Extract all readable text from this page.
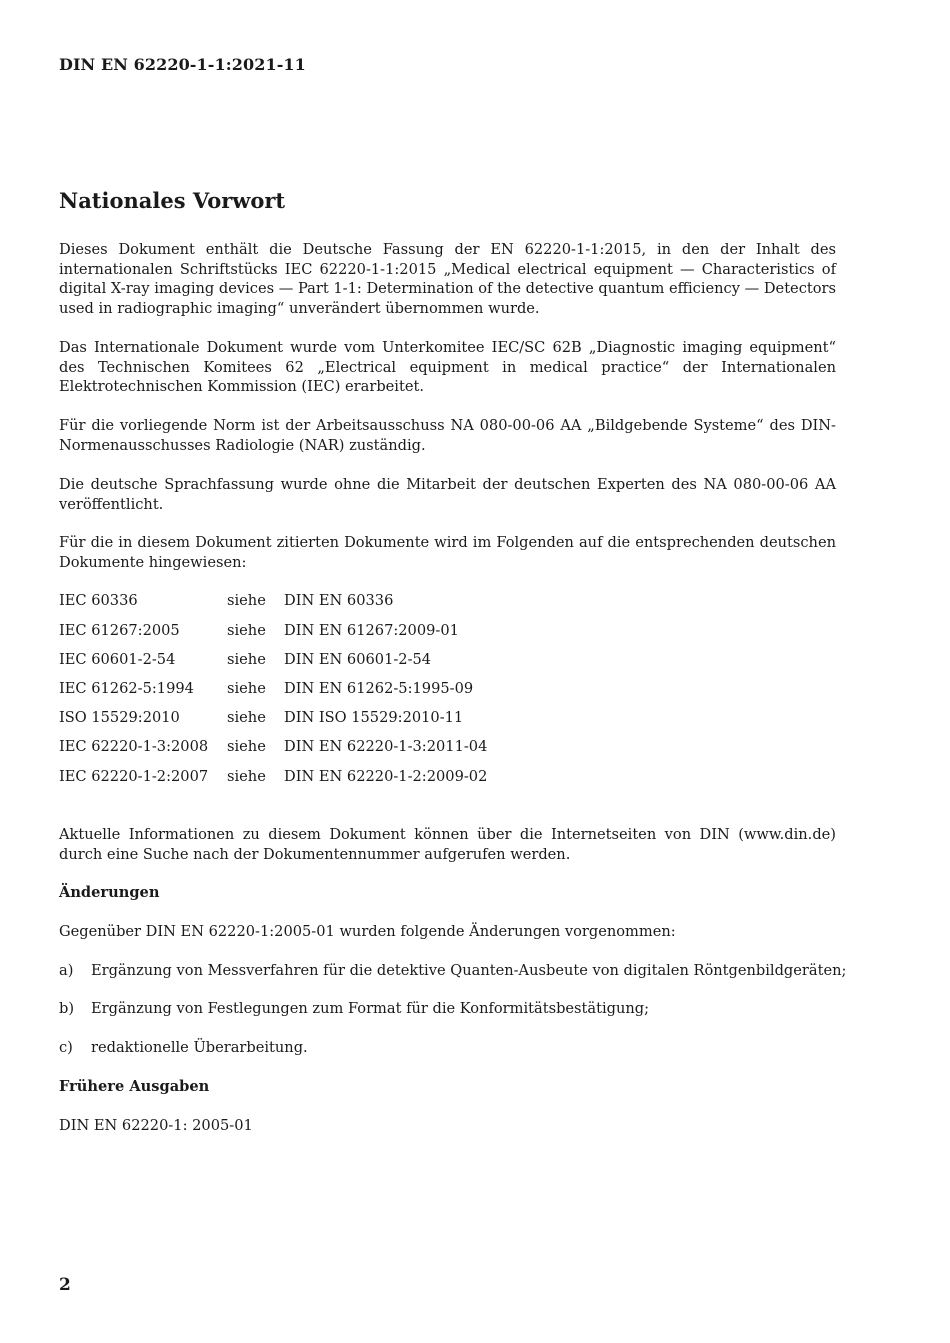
DIN EN 62220-1-1:2021-11
Nationales Vorwort

Dieses Dokument enthält die Deutsche Fassung der EN 62220-1-1:2015, in den der Inhalt des internationalen Schriftstücks IEC 62220-1-1:2015 „Medical electrical equipment — Characteristics of digital X-ray imaging devices — Part 1-1: Determination of the detective quantum efficiency — Detectors used in radiographic imaging“ unverändert übernommen wurde.

Das Internationale Dokument wurde vom Unterkomitee IEC/SC 62B „Diagnostic imaging equipment“ des Technischen Komitees 62 „Electrical equipment in medical practice“ der Internationalen Elektrotechnischen Kommission (IEC) erarbeitet.

Für die vorliegende Norm ist der Arbeitsausschuss NA 080-00-06 AA „Bildgebende Systeme“ des DIN-Normenausschusses Radiologie (NAR) zuständig.

Die deutsche Sprachfassung wurde ohne die Mitarbeit der deutschen Experten des NA 080-00-06 AA veröffentlicht.

Für die in diesem Dokument zitierten Dokumente wird im Folgenden auf die entsprechenden deutschen Dokumente hingewiesen:

IEC 60336	siehe DIN EN 60336
IEC 61267:2005	siehe DIN EN 61267:2009-01
IEC 60601-2-54	siehe DIN EN 60601-2-54
IEC 61262-5:1994 siehe DIN EN 61262-5:1995-09
ISO 15529:2010	siehe DIN ISO 15529:2010-11
IEC 62220-1-3:2008 siehe DIN EN 62220-1-3:2011-04
IEC 62220-1-2:2007 siehe DIN EN 62220-1-2:2009-02

Aktuelle Informationen zu diesem Dokument können über die Internetseiten von DIN (www.din.de) durch eine Suche nach der Dokumentennummer aufgerufen werden.

Änderungen

Gegenüber DIN EN 62220-1:2005-01 wurden folgende Änderungen vorgenommen:

a) Ergänzung von Messverfahren für die detektive Quanten-Ausbeute von digitalen Röntgenbildgeräten;
b) Ergänzung von Festlegungen zum Format für die Konformitätsbestätigung;
c) redaktionelle Überarbeitung.
Frühere Ausgaben

DIN EN 62220-1: 2005-01

2
